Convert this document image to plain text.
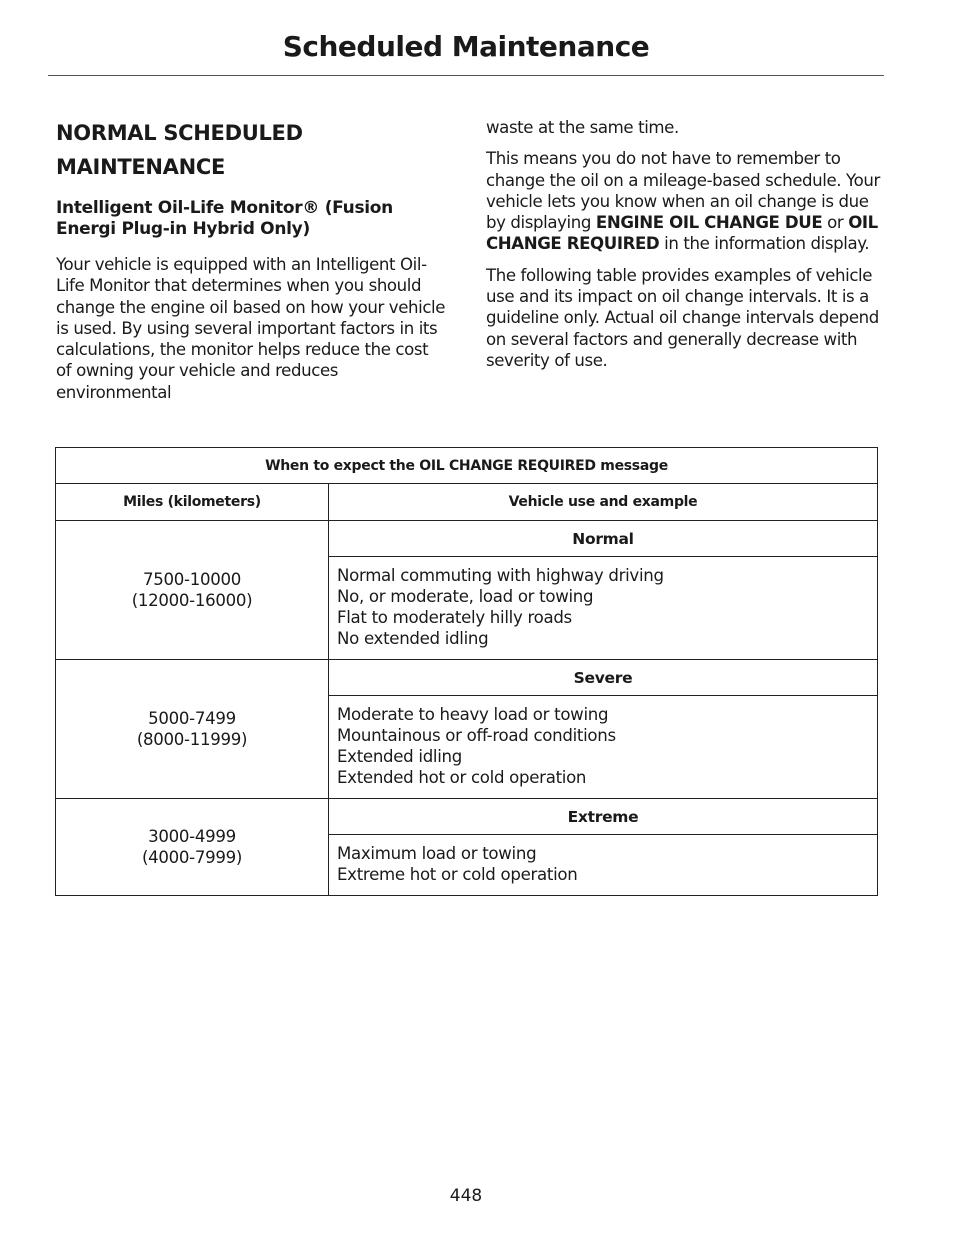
Scheduled Maintenance
NORMAL SCHEDULED
MAINTENANCE
Intelligent Oil-Life Monitor® (Fusion Energi Plug-in Hybrid Only)
Your vehicle is equipped with an Intelligent Oil-Life Monitor that determines when you should change the engine oil based on how your vehicle is used. By using several important factors in its calculations, the monitor helps reduce the cost of owning your vehicle and reduces environmental
waste at the same time.
This means you do not have to remember to change the oil on a mileage-based schedule. Your vehicle lets you know when an oil change is due by displaying ENGINE OIL CHANGE DUE or OIL CHANGE REQUIRED in the information display.
The following table provides examples of vehicle use and its impact on oil change intervals. It is a guideline only. Actual oil change intervals depend on several factors and generally decrease with severity of use.
When to expect the OIL CHANGE REQUIRED message	
Miles (kilometers)	Vehicle use and example
7500-10000
(12000-16000)	Normal

	Normal commuting with highway driving
No, or moderate, load or towing
Flat to moderately hilly roads
No extended idling

5000-7499
(8000-11999)	Severe

	Moderate to heavy load or towing
Mountainous or off-road conditions
Extended idling
Extended hot or cold operation

3000-4999
(4000-7999)	Extreme

	Maximum load or towing
Extreme hot or cold operation
448
